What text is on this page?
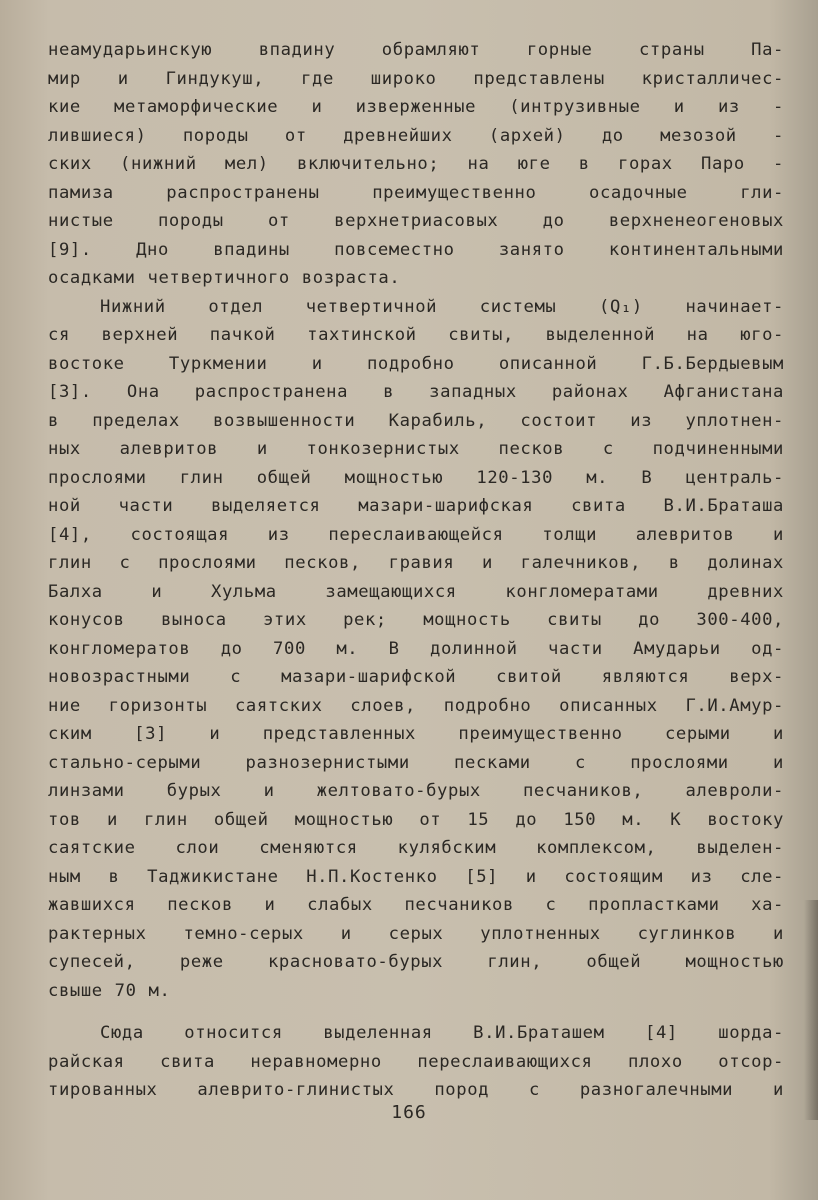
неамударьинскую впадину обрамляют горные страны Па-
мир и Гиндукуш, где широко представлены кристалличес-
кие метаморфические и изверженные (интрузивные и из -
лившиеся) породы от древнейших (архей) до мезозой -
ских (нижний мел) включительно; на юге в горах Паро -
памиза распространены преимущественно осадочные гли-
нистые породы от верхнетриасовых до верхненеогеновых
[9]. Дно впадины повсеместно занято континентальными
осадками четвертичного возраста.
Нижний отдел четвертичной системы (Q₁) начинает-
ся верхней пачкой тахтинской свиты, выделенной на юго-
востоке Туркмении и подробно описанной Г.Б.Бердыевым
[3]. Она распространена в западных районах Афганистана
в пределах возвышенности Карабиль, состоит из уплотнен-
ных алевритов и тонкозернистых песков с подчиненными
прослоями глин общей мощностью 120-130 м. В централь-
ной части выделяется мазари-шарифская свита В.И.Браташа
[4], состоящая из переслаивающейся толщи алевритов и
глин с прослоями песков, гравия и галечников, в долинах
Балха и Хульма замещающихся конгломератами древних
конусов выноса этих рек; мощность свиты до 300-400,
конгломератов до 700 м. В долинной части Амударьи од-
новозрастными с мазари-шарифской свитой являются верх-
ние горизонты саятских слоев, подробно описанных Г.И.Амур-
ским [3] и представленных преимущественно серыми и
стально-серыми разнозернистыми песками с прослоями и
линзами бурых и желтовато-бурых песчаников, алевроли-
тов и глин общей мощностью от 15 до 150 м. К востоку
саятские слои сменяются кулябским комплексом, выделен-
ным в Таджикистане Н.П.Костенко [5] и состоящим из сле-
жавшихся песков и слабых песчаников с пропластками ха-
рактерных темно-серых и серых уплотненных суглинков и
супесей, реже красновато-бурых глин, общей мощностью
свыше 70 м.
Сюда относится выделенная В.И.Браташем [4] шорда-
райская свита неравномерно переслаивающихся плохо отсор-
тированных алеврито-глинистых пород с разногалечными и
166
